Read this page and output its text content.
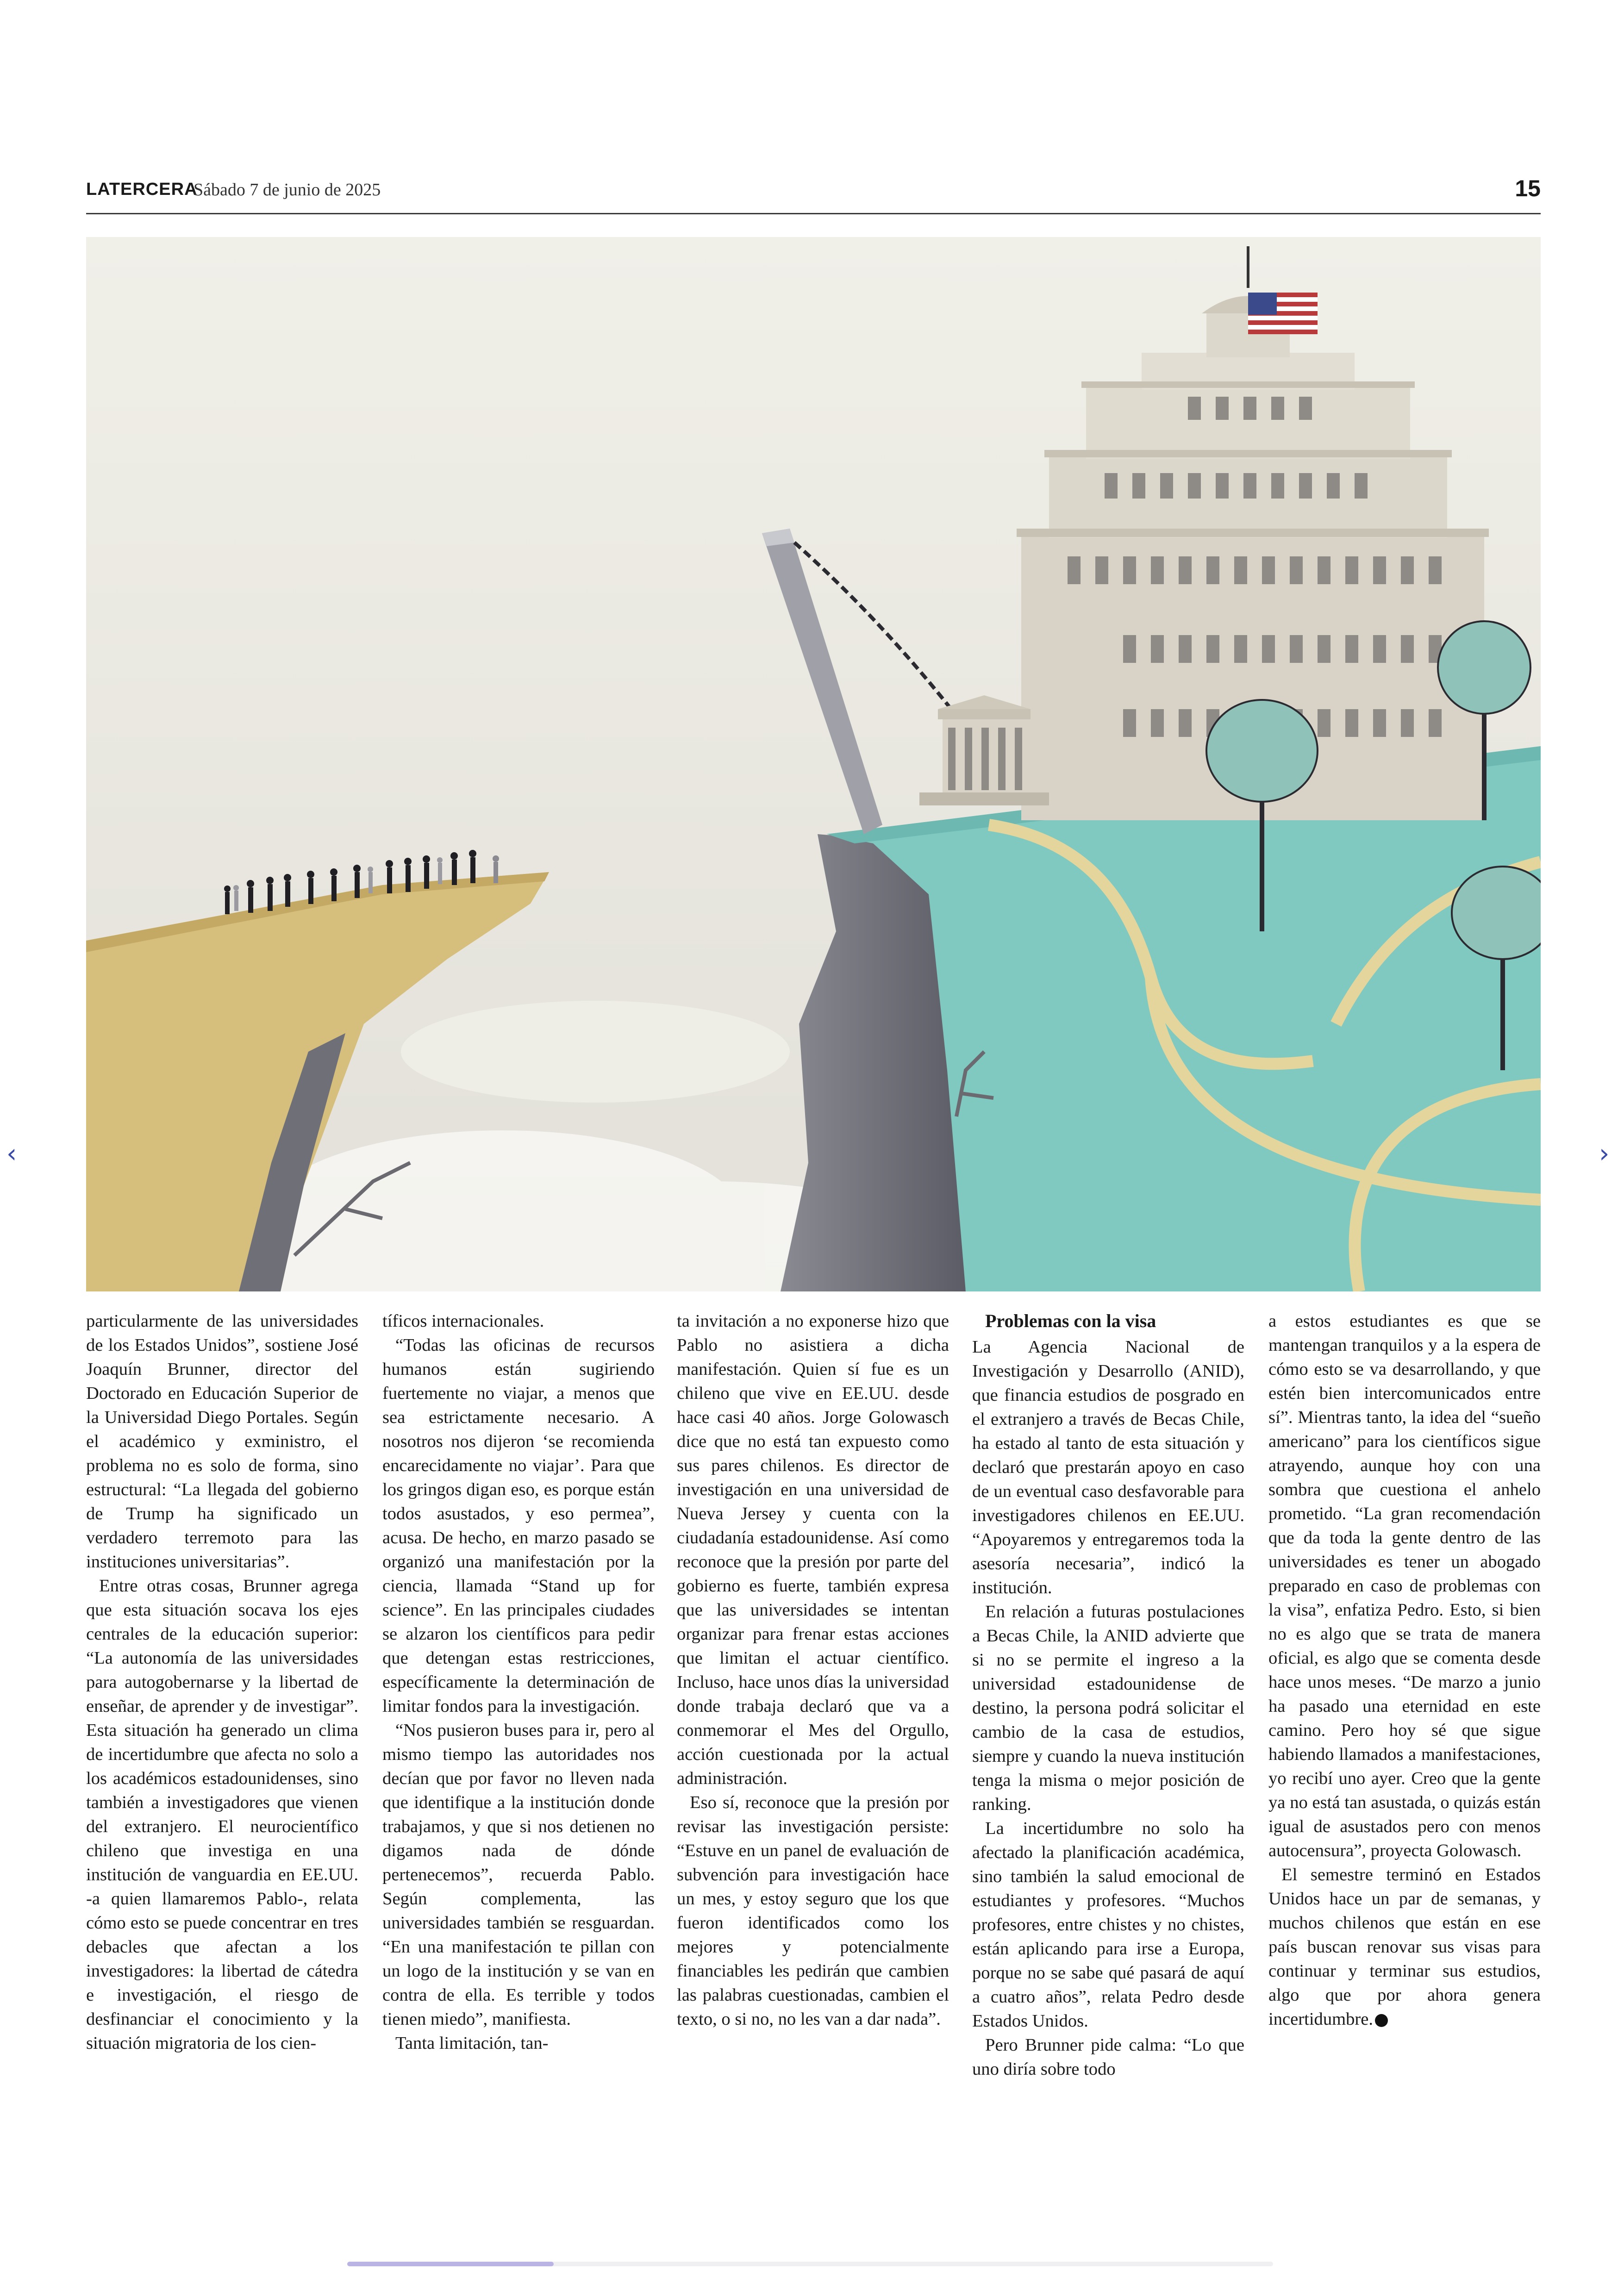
LATERCERA
Sábado 7 de junio de 2025	15

particularmente de las universidades de los Estados Unidos”, sostiene José Joaquín Brunner, director del Doctorado en Educación Superior de la Universidad Diego Portales. Según el académico y exministro, el problema no es solo de forma, sino estructural: “La llegada del gobierno de Trump ha significado un verdadero terremoto para las instituciones universitarias”.

Entre otras cosas, Brunner agrega que esta situación socava los ejes centrales de la educación superior: “La autonomía de las universidades para autogobernarse y la libertad de enseñar, de aprender y de investigar”. Esta situación ha generado un clima de incertidumbre que afecta no solo a los académicos estadounidenses, sino también a investigadores que vienen del extranjero. El neurocientífico chileno que investiga en una institución de vanguardia en EE.UU. -a quien llamaremos Pablo-, relata cómo esto se puede concentrar en tres debacles que afectan a los investigadores: la libertad de cátedra e investigación, el riesgo de desfinanciar el conocimiento y la situación migratoria de los cien-

tíficos internacionales.

“Todas las oficinas de recursos humanos están sugiriendo fuertemente no viajar, a menos que sea estrictamente necesario. A nosotros nos dijeron ‘se recomienda encarecidamente no viajar’. Para que los gringos digan eso, es porque están todos asustados, y eso permea”, acusa. De hecho, en marzo pasado se organizó una manifestación por la ciencia, llamada “Stand up for science”. En las principales ciudades se alzaron los científicos para pedir que detengan estas restricciones, específicamente la determinación de limitar fondos para la investigación.

“Nos pusieron buses para ir, pero al mismo tiempo las autoridades nos decían que por favor no lleven nada que identifique a la institución donde trabajamos, y que si nos detienen no digamos nada de dónde pertenecemos”, recuerda Pablo. Según complementa, las universidades también se resguardan. “En una manifestación te pillan con un logo de la institución y se van en contra de ella. Es terrible y todos tienen miedo”, manifiesta.

Tanta limitación, tan-

ta invitación a no exponerse hizo que Pablo no asistiera a dicha manifestación. Quien sí fue es un chileno que vive en EE.UU. desde hace casi 40 años. Jorge Golowasch dice que no está tan expuesto como sus pares chilenos. Es director de investigación en una universidad de Nueva Jersey y cuenta con la ciudadanía estadounidense. Así como reconoce que la presión por parte del gobierno es fuerte, también expresa que las universidades se intentan organizar para frenar estas acciones que limitan el actuar científico. Incluso, hace unos días la universidad donde trabaja declaró que va a conmemorar el Mes del Orgullo, acción cuestionada por la actual administración.

Eso sí, reconoce que la presión por revisar las investigación persiste: “Estuve en un panel de evaluación de subvención para investigación hace un mes, y estoy seguro que los que fueron identificados como los mejores y potencialmente financiables les pedirán que cambien las palabras cuestionadas, cambien el texto, o si no, no les van a dar nada”.

Problemas con la visa

La Agencia Nacional de Investigación y Desarrollo (ANID), que financia estudios de posgrado en el extranjero a través de Becas Chile, ha estado al tanto de esta situación y declaró que prestarán apoyo en caso de un eventual caso desfavorable para investigadores chilenos en EE.UU. “Apoyaremos y entregaremos toda la asesoría necesaria”, indicó la institución.

En relación a futuras postulaciones a Becas Chile, la ANID advierte que si no se permite el ingreso a la universidad estadounidense de destino, la persona podrá solicitar el cambio de la casa de estudios, siempre y cuando la nueva institución tenga la misma o mejor posición de ranking.

La incertidumbre no solo ha afectado la planificación académica, sino también la salud emocional de estudiantes y profesores. “Muchos profesores, entre chistes y no chistes, están aplicando para irse a Europa, porque no se sabe qué pasará de aquí a cuatro años”, relata Pedro desde Estados Unidos.

Pero Brunner pide calma: “Lo que uno diría sobre todo

a estos estudiantes es que se mantengan tranquilos y a la espera de cómo esto se va desarrollando, y que estén bien intercomunicados entre sí”. Mientras tanto, la idea del “sueño americano” para los científicos sigue atrayendo, aunque hoy con una sombra que cuestiona el anhelo prometido. “La gran recomendación que da toda la gente dentro de las universidades es tener un abogado preparado en caso de problemas con la visa”, enfatiza Pedro. Esto, si bien no es algo que se trata de manera oficial, es algo que se comenta desde hace unos meses. “De marzo a junio ha pasado una eternidad en este camino. Pero hoy sé que sigue habiendo llamados a manifestaciones, yo recibí uno ayer. Creo que la gente ya no está tan asustada, o quizás están igual de asustados pero con menos autocensura”, proyecta Golowasch.

El semestre terminó en Estados Unidos hace un par de semanas, y muchos chilenos que están en ese país buscan renovar sus visas para continuar y terminar sus estudios, algo que por ahora genera incertidumbre.

‹	›
